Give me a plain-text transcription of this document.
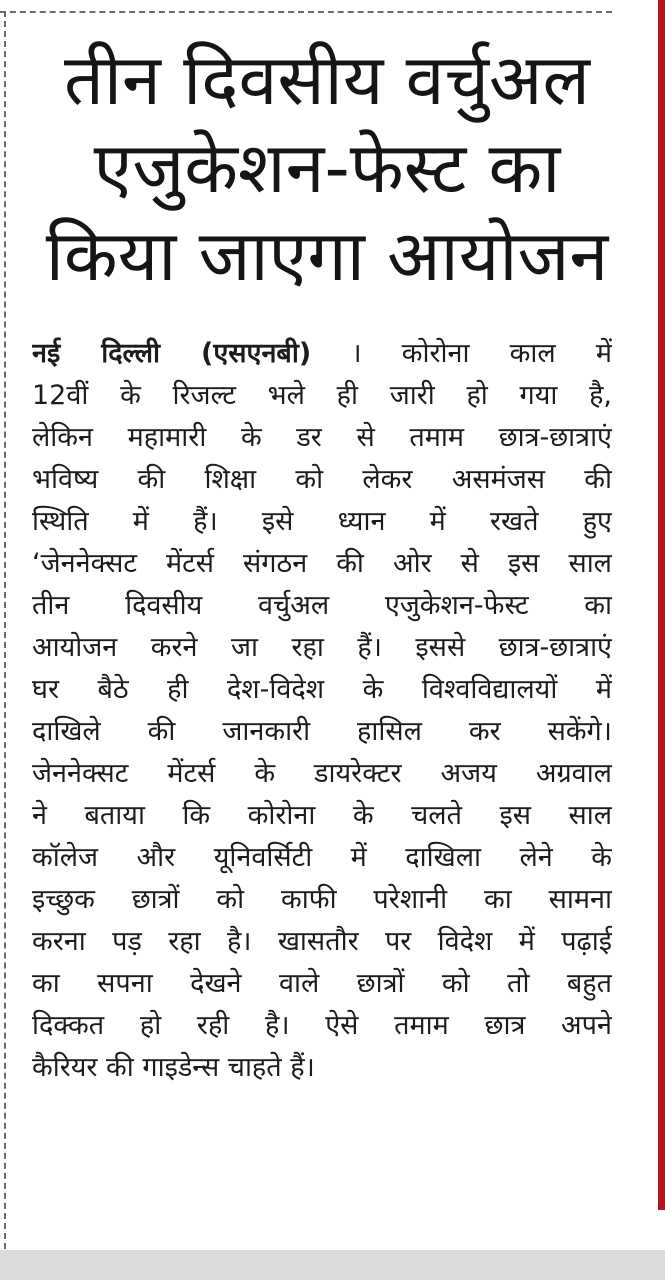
तीन दिवसीय वर्चुअल
एजुकेशन-फेस्ट का
किया जाएगा आयोजन
नई दिल्ली (एसएनबी) । कोरोना काल में
12वीं के रिजल्ट भले ही जारी हो गया है,
लेकिन महामारी के डर से तमाम छात्र-छात्राएं
भविष्य की शिक्षा को लेकर असमंजस की
स्थिति में हैं। इसे ध्यान में रखते हुए
‘जेननेक्सट मेंटर्स संगठन की ओर से इस साल
तीन दिवसीय वर्चुअल एजुकेशन-फेस्ट का
आयोजन करने जा रहा हैं। इससे छात्र-छात्राएं
घर बैठे ही देश-विदेश के विश्वविद्यालयों में
दाखिले की जानकारी हासिल कर सकेंगे।
जेननेक्सट मेंटर्स के डायरेक्टर अजय अग्रवाल
ने बताया कि कोरोना के चलते इस साल
कॉलेज और यूनिवर्सिटी में दाखिला लेने के
इच्छुक छात्रों को काफी परेशानी का सामना
करना पड़ रहा है। खासतौर पर विदेश में पढ़ाई
का सपना देखने वाले छात्रों को तो बहुत
दिक्कत हो रही है। ऐसे तमाम छात्र अपने
कैरियर की गाइडेन्स चाहते हैं।
